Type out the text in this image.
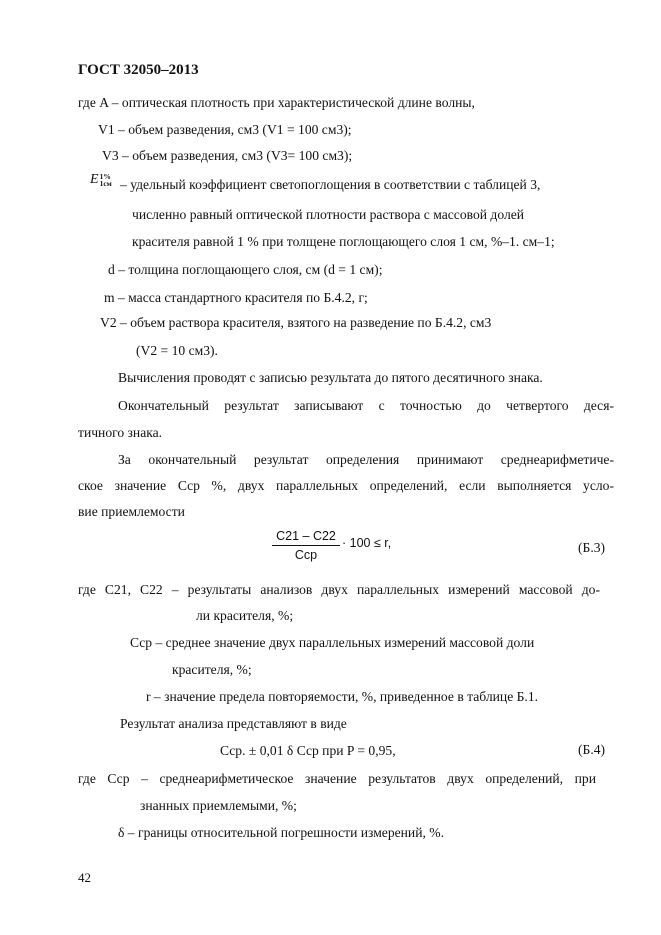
ГОСТ 32050–2013
где A – оптическая плотность при характеристической длине волны,
V1 – объем разведения, см3 (V1 = 100 см3);
V3 – объем разведения, см3 (V3= 100 см3);
E1%
1см – удельный коэффициент светопоглощения в соответствии с таблицей 3,
численно равный оптической плотности раствора с массовой долей
красителя равной 1 % при толщене поглощающего слоя 1 см, %–1. см–1;
d – толщина поглощающего слоя, см (d = 1 см);
m – масса стандартного красителя по Б.4.2, г;
V2 – объем раствора красителя, взятого на разведение по Б.4.2, см3
(V2 = 10 см3).
Вычисления проводят с записью результата до пятого десятичного знака.
Окончательный результат записывают с точностью до четвертого деся-
тичного знака.
За окончательный результат определения принимают среднеарифметиче-
ское значение Сср %, двух параллельных определений, если выполняется усло-
вие приемлемости
С21 – С22
Сср
· 100 ≤ r,	(Б.3)
где С21, С22 – результаты анализов двух параллельных измерений массовой до-
ли красителя, %;
Сср – среднее значение двух параллельных измерений массовой доли
красителя, %;
r – значение предела повторяемости, %, приведенное в таблице Б.1.
Результат анализа представляют в виде
Сср. ± 0,01 δ Сср при P = 0,95,	(Б.4)
где Сср – среднеарифметическое значение результатов двух определений, при
знанных приемлемыми, %;
δ – границы относительной погрешности измерений, %.
42
